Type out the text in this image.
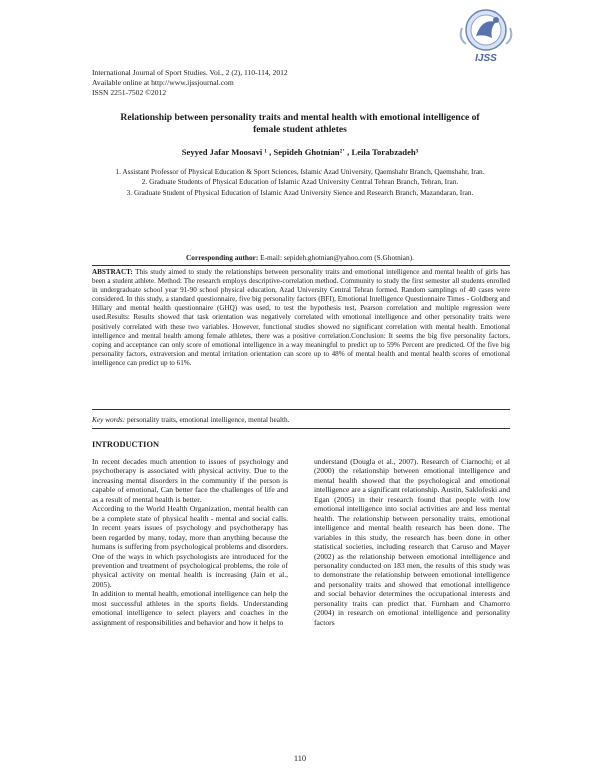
IJSS
International Journal of Sport Studies. Vol., 2 (2), 110-114, 2012
Available online at http://www.ijssjournal.com
ISSN 2251-7502 ©2012
Relationship between personality traits and mental health with emotional intelligence of
female student athletes
Seyyed Jafar Moosavi ¹ , Sepideh Ghotnian²˙ , Leila Torabzadeh³

1. Assistant Professor of Physical Education & Sport Sciences, Islamic Azad University, Qaemshahr Branch, Qaemshahr, Iran.

2. Graduate Students of Physical Education of Islamic Azad University Central Tehran Branch, Tehran, Iran.

3. Graduate Student of Physical Education of Islamic Azad University Sience and Research Branch, Mazandaran, Iran.

Corresponding author: E-mail: sepideh.ghotnian@yahoo.com (S.Ghotnian).
ABSTRACT: This study aimed to study the relationships between personality traits and emotional intelligence and mental health of girls has been a student athlete. Method: The research employs descriptive-correlation method. Community to study the first semester all students enrolled in undergraduate school year 91-90 school physical education, Azad University Central Tehran formed. Random samplings of 40 cases were considered. In this study, a standard questionnaire, five big personality factors (BFI), Emotional Intelligence Questionnaire Times - Goldberg and Hillary and mental health questionnaire (GHQ) was used, to test the hypothesis test, Pearson correlation and multiple regression were used.Results: Results showed that task orientation was negatively correlated with emotional intelligence and other personality traits were positively correlated with these two variables. However, functional studies showed no significant correlation with mental health. Emotional intelligence and mental health among female athletes, there was a positive correlation.Conclusion: It seems the big five personality factors, coping and acceptance can only score of emotional intelligence in a way meaningful to predict up to 59% Percent are predicted. Of the five big personality factors, extraversion and mental irritation orientation can score up to 48% of mental health and mental health scores of emotional intelligence can predict up to 61%.
Key words: personality traits, emotional intelligence, mental health.
INTRODUCTION

In recent decades much attention to issues of psychology and psychotherapy is associated with physical activity. Due to the increasing mental disorders in the community if the person is capable of emotional, Can better face the challenges of life and as a result of mental health is better.

According to the World Health Organization, mental health can be a complete state of physical health - mental and social calls. In recent years issues of psychology and psychotherapy has been regarded by many, today, more than anything because the humans is suffering from psychological problems and disorders. One of the ways in which psychologists are introduced for the prevention and treatment of psychological problems, the role of physical activity on mental health is increasing (Jain et al., 2005).

In addition to mental health, emotional intelligence can help the most successful athletes in the sports fields. Understanding emotional intelligence to select players and coaches in the assignment of responsibilities and behavior and how it helps to

understand (Dougla et al., 2007). Research of Ciarnochi; et al (2000) the relationship between emotional intelligence and mental health showed that the psychological and emotional intelligence are a significant relationship. Austin, Saklofeski and Egan (2005) in their research found that people with low emotional intelligence into social activities are and less mental health. The relationship between personality traits, emotional intelligence and mental health research has been done. The variables in this study, the research has been done in other statistical societies, including research that Caruso and Mayer (2002) as the relationship between emotional intelligence and personality conducted on 183 men, the results of this study was to demonstrate the relationship between emotional intelligence and personality traits and showed that emotional intelligence and social behavior determines the occupational interests and personality traits can predict that. Furnham and Chamorro (2004) in research on emotional intelligence and personality factors

110
